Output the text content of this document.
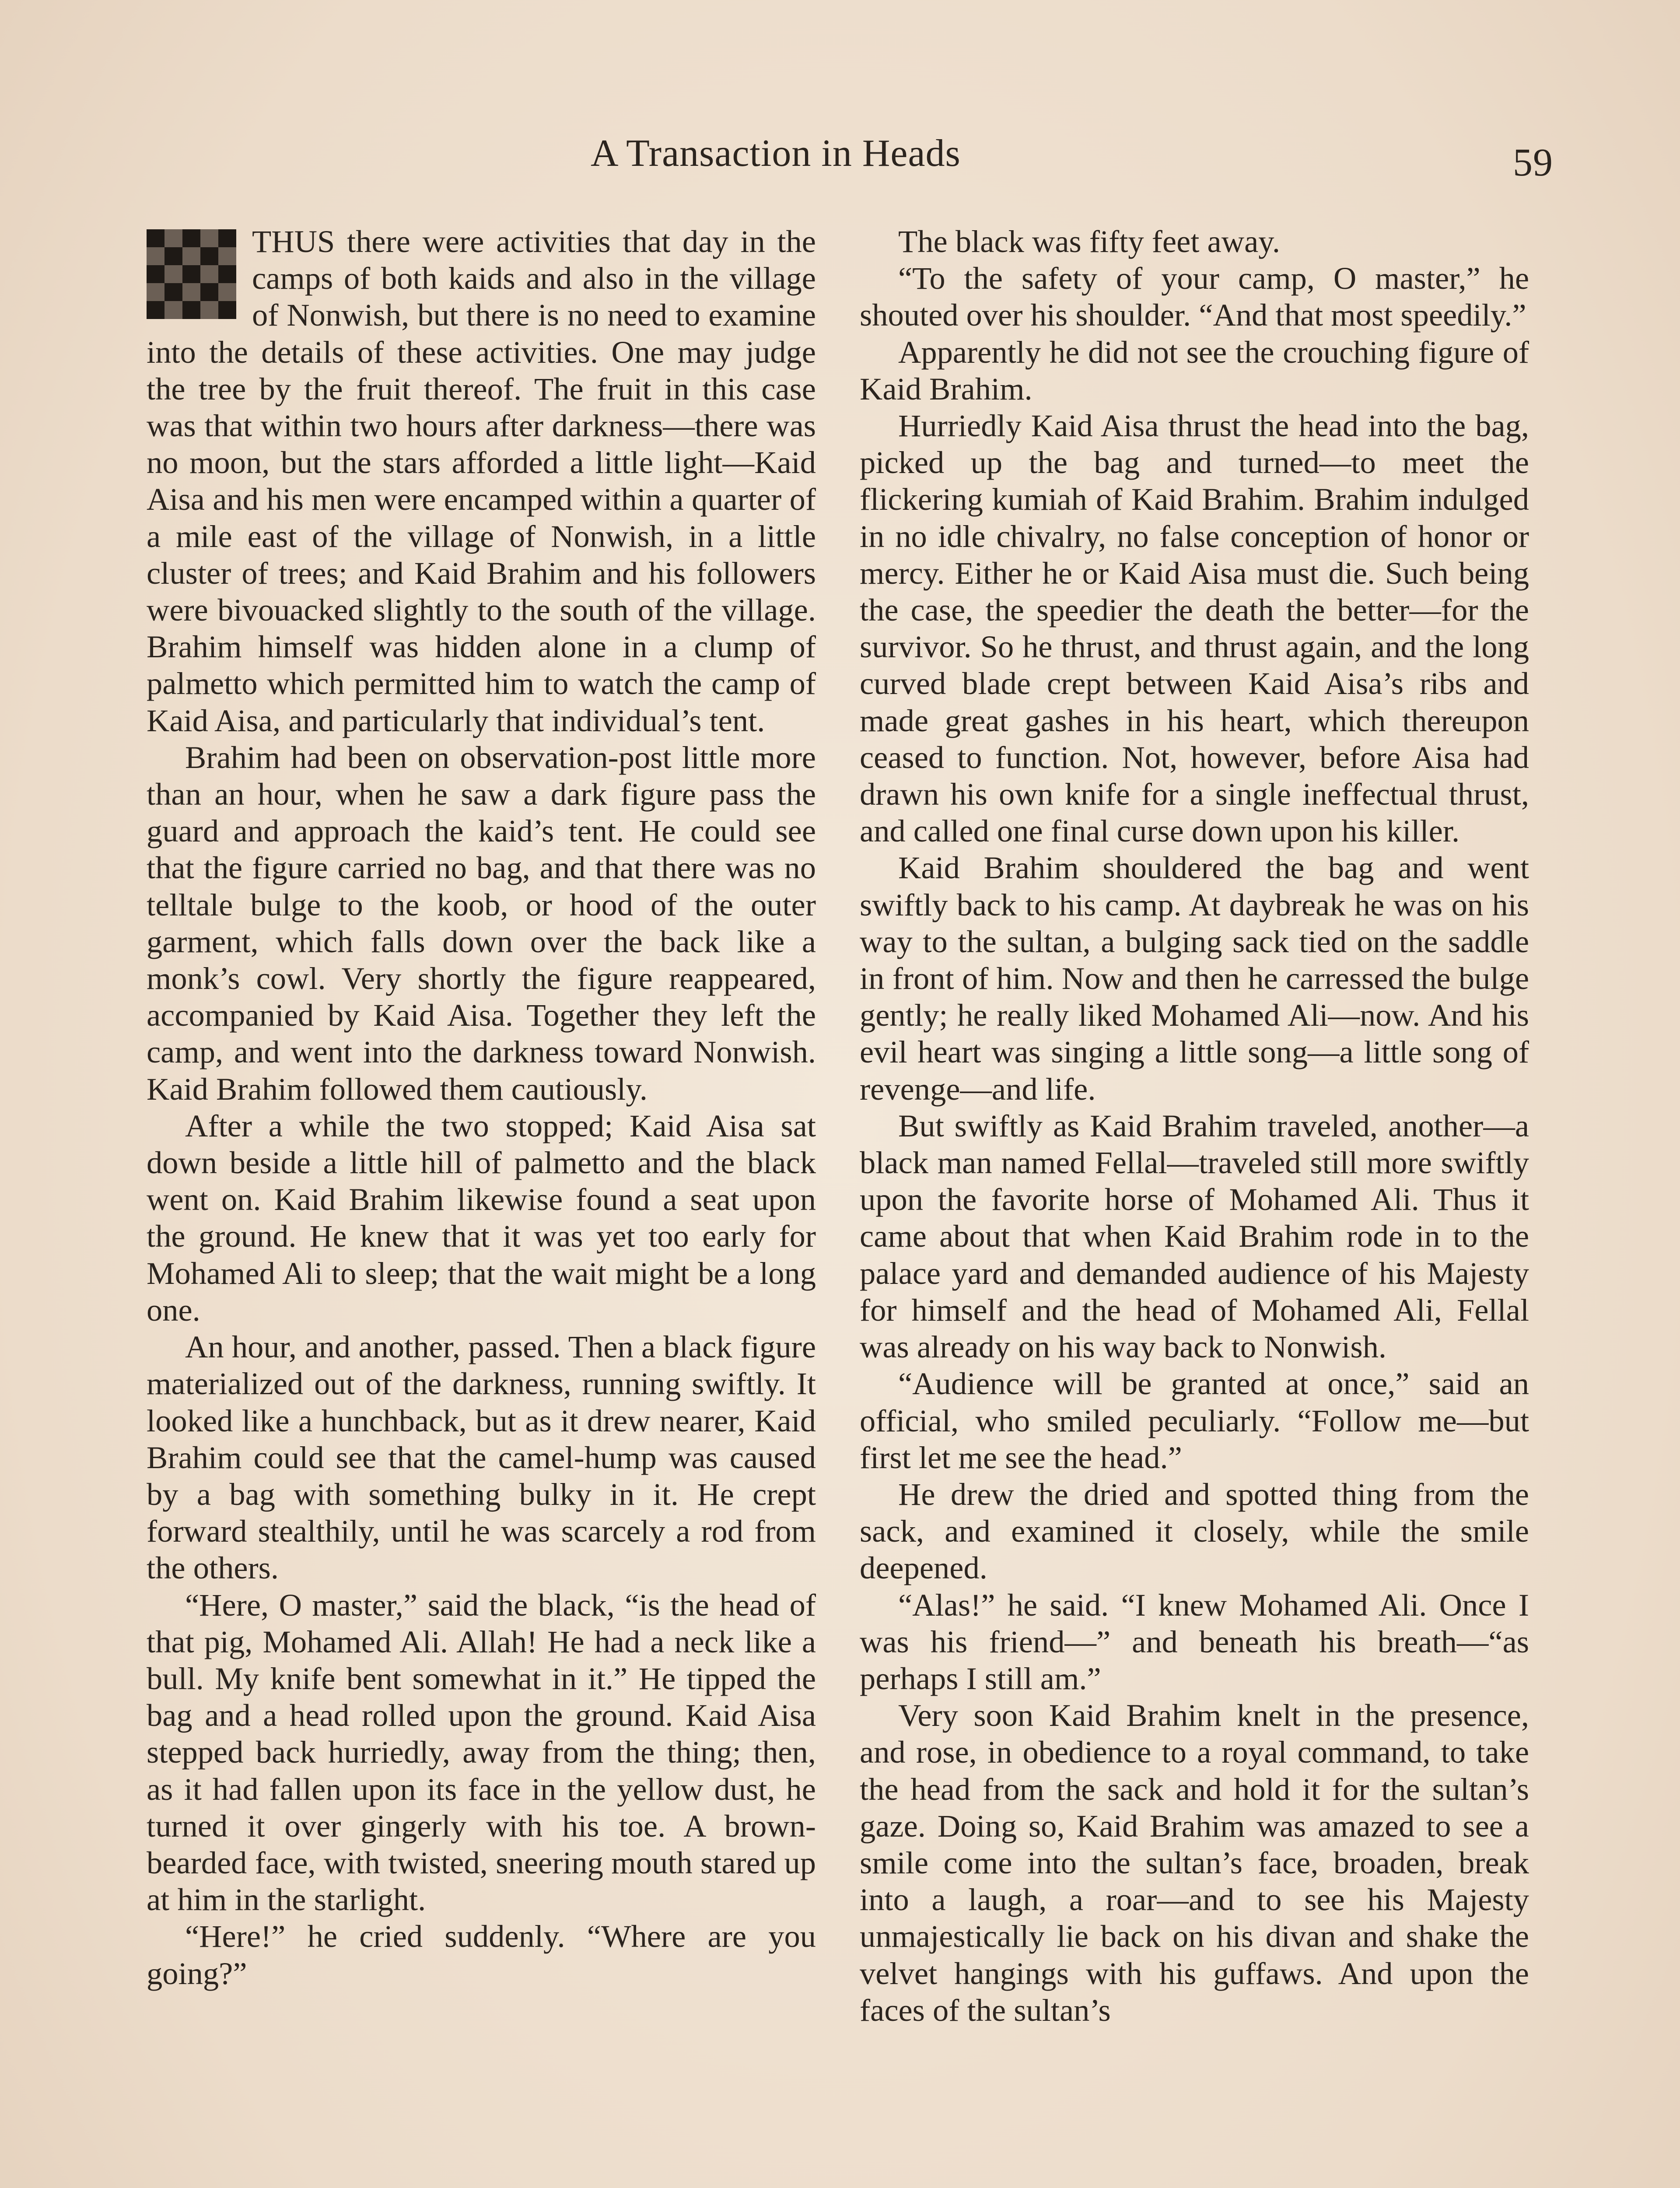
A Transaction in Heads	59

THUS there were activities that day in the camps of both kaids and also in the village of Nonwish, but there is no need to examine into the details of these activities. One may judge the tree by the fruit thereof. The fruit in this case was that within two hours after darkness—there was no moon, but the stars afforded a little light—Kaid Aisa and his men were encamped within a quarter of a mile east of the village of Nonwish, in a little cluster of trees; and Kaid Brahim and his followers were bivouacked slightly to the south of the village. Brahim himself was hidden alone in a clump of palmetto which permitted him to watch the camp of Kaid Aisa, and particularly that individual’s tent.

Brahim had been on observation-post little more than an hour, when he saw a dark figure pass the guard and approach the kaid’s tent. He could see that the figure carried no bag, and that there was no telltale bulge to the koob, or hood of the outer garment, which falls down over the back like a monk’s cowl. Very shortly the figure reappeared, accompanied by Kaid Aisa. Together they left the camp, and went into the darkness toward Nonwish. Kaid Brahim followed them cautiously.

After a while the two stopped; Kaid Aisa sat down beside a little hill of palmetto and the black went on. Kaid Brahim likewise found a seat upon the ground. He knew that it was yet too early for Mohamed Ali to sleep; that the wait might be a long one.

An hour, and another, passed. Then a black figure materialized out of the darkness, running swiftly. It looked like a hunchback, but as it drew nearer, Kaid Brahim could see that the camel-hump was caused by a bag with something bulky in it. He crept forward stealthily, until he was scarcely a rod from the others.

“Here, O master,” said the black, “is the head of that pig, Mohamed Ali. Allah! He had a neck like a bull. My knife bent somewhat in it.” He tipped the bag and a head rolled upon the ground. Kaid Aisa stepped back hurriedly, away from the thing; then, as it had fallen upon its face in the yellow dust, he turned it over gingerly with his toe. A brown-bearded face, with twisted, sneering mouth stared up at him in the starlight.

“Here!” he cried suddenly. “Where are you going?”

The black was fifty feet away.

“To the safety of your camp, O master,” he shouted over his shoulder. “And that most speedily.”

Apparently he did not see the crouching figure of Kaid Brahim.

Hurriedly Kaid Aisa thrust the head into the bag, picked up the bag and turned—to meet the flickering kumiah of Kaid Brahim. Brahim indulged in no idle chivalry, no false conception of honor or mercy. Either he or Kaid Aisa must die. Such being the case, the speedier the death the better—for the survivor. So he thrust, and thrust again, and the long curved blade crept between Kaid Aisa’s ribs and made great gashes in his heart, which thereupon ceased to function. Not, however, before Aisa had drawn his own knife for a single ineffectual thrust, and called one final curse down upon his killer.

Kaid Brahim shouldered the bag and went swiftly back to his camp. At daybreak he was on his way to the sultan, a bulging sack tied on the saddle in front of him. Now and then he carressed the bulge gently; he really liked Mohamed Ali—now. And his evil heart was singing a little song—a little song of revenge—and life.

But swiftly as Kaid Brahim traveled, another—a black man named Fellal—traveled still more swiftly upon the favorite horse of Mohamed Ali. Thus it came about that when Kaid Brahim rode in to the palace yard and demanded audience of his Majesty for himself and the head of Mohamed Ali, Fellal was already on his way back to Nonwish.

“Audience will be granted at once,” said an official, who smiled peculiarly. “Follow me—but first let me see the head.”

He drew the dried and spotted thing from the sack, and examined it closely, while the smile deepened.

“Alas!” he said. “I knew Mohamed Ali. Once I was his friend—” and beneath his breath—“as perhaps I still am.”

Very soon Kaid Brahim knelt in the presence, and rose, in obedience to a royal command, to take the head from the sack and hold it for the sultan’s gaze. Doing so, Kaid Brahim was amazed to see a smile come into the sultan’s face, broaden, break into a laugh, a roar—and to see his Majesty unmajestically lie back on his divan and shake the velvet hangings with his guffaws. And upon the faces of the sultan’s
